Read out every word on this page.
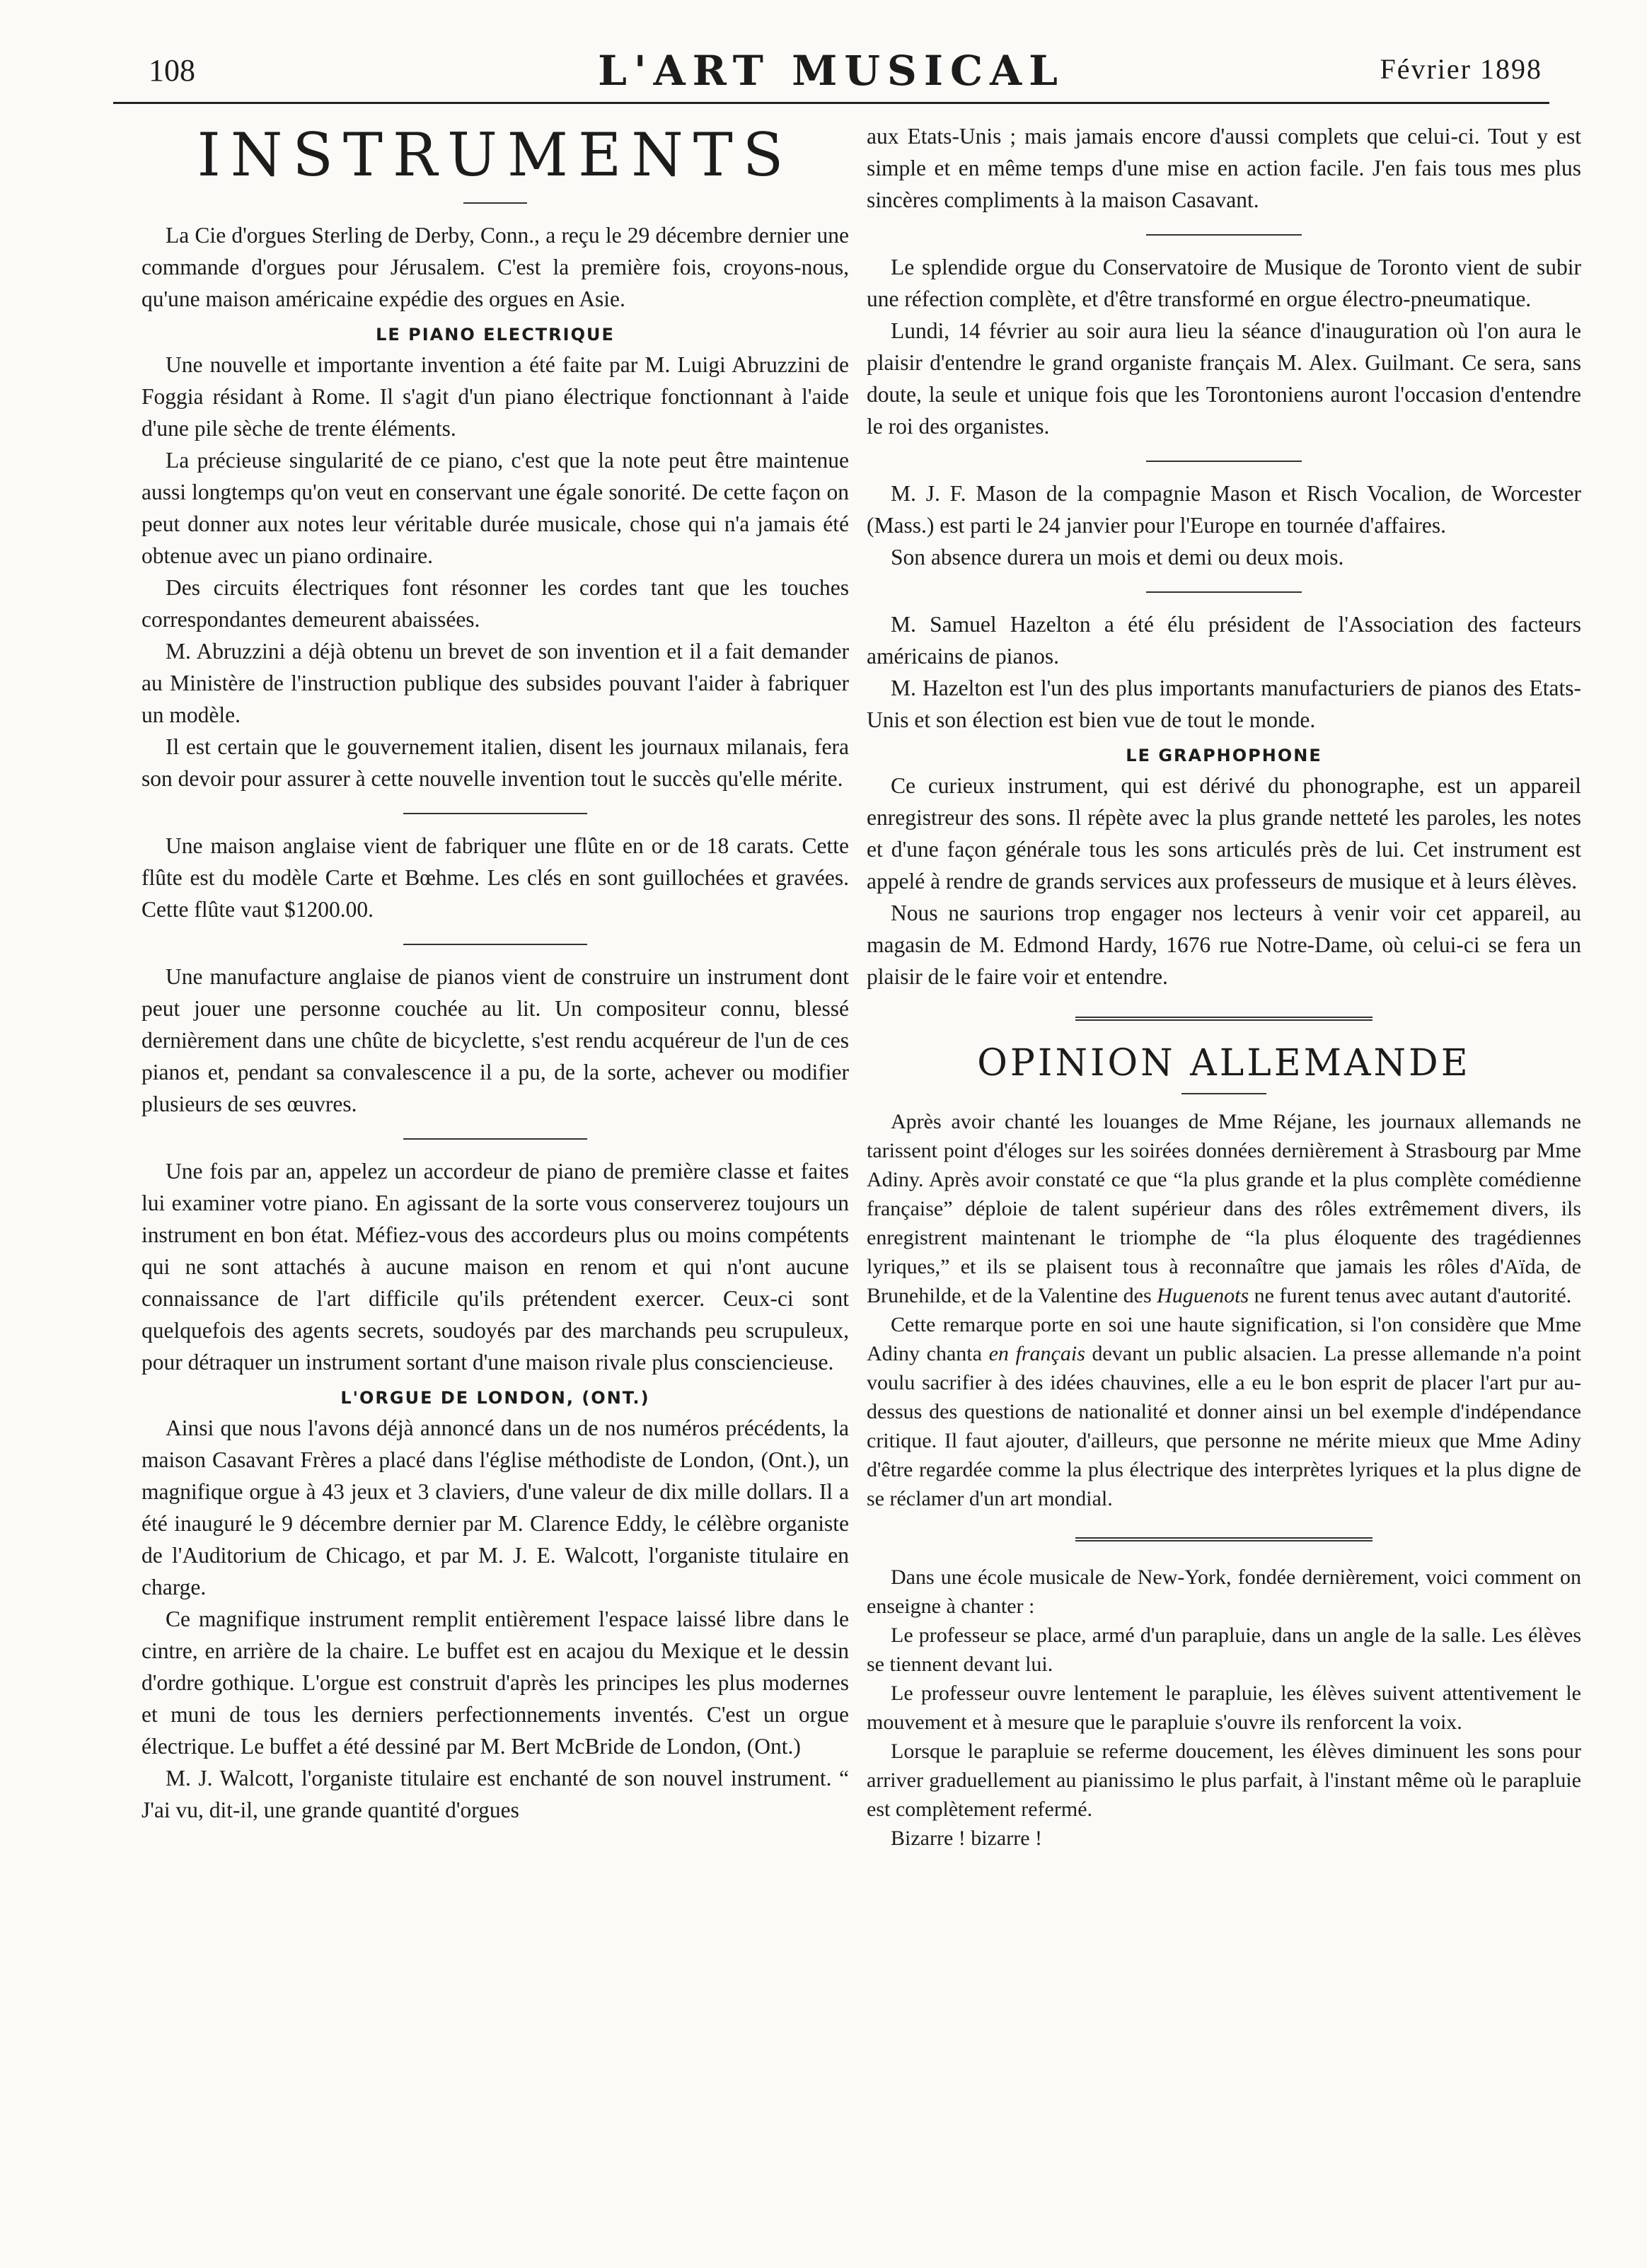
108	L'ART MUSICAL	Février 1898
INSTRUMENTS

La Cie d'orgues Sterling de Derby, Conn., a reçu le 29 décembre dernier une commande d'orgues pour Jérusalem. C'est la première fois, croyons-nous, qu'une maison américaine expédie des orgues en Asie.

LE PIANO ELECTRIQUE

Une nouvelle et importante invention a été faite par M. Luigi Abruzzini de Foggia résidant à Rome. Il s'agit d'un piano électrique fonctionnant à l'aide d'une pile sèche de trente éléments.

La précieuse singularité de ce piano, c'est que la note peut être maintenue aussi longtemps qu'on veut en conservant une égale sonorité. De cette façon on peut donner aux notes leur véritable durée musicale, chose qui n'a jamais été obtenue avec un piano ordinaire.

Des circuits électriques font résonner les cordes tant que les touches correspondantes demeurent abaissées.

M. Abruzzini a déjà obtenu un brevet de son invention et il a fait demander au Ministère de l'instruction publique des subsides pouvant l'aider à fabriquer un modèle.

Il est certain que le gouvernement italien, disent les journaux milanais, fera son devoir pour assurer à cette nouvelle invention tout le succès qu'elle mérite.

Une maison anglaise vient de fabriquer une flûte en or de 18 carats. Cette flûte est du modèle Carte et Bœhme. Les clés en sont guillochées et gravées. Cette flûte vaut $1200.00.

Une manufacture anglaise de pianos vient de construire un instrument dont peut jouer une personne couchée au lit. Un compositeur connu, blessé dernièrement dans une chûte de bicyclette, s'est rendu acquéreur de l'un de ces pianos et, pendant sa convalescence il a pu, de la sorte, achever ou modifier plusieurs de ses œuvres.

Une fois par an, appelez un accordeur de piano de première classe et faites lui examiner votre piano. En agissant de la sorte vous conserverez toujours un instrument en bon état. Méfiez-vous des accordeurs plus ou moins compétents qui ne sont attachés à aucune maison en renom et qui n'ont aucune connaissance de l'art difficile qu'ils prétendent exercer. Ceux-ci sont quelquefois des agents secrets, soudoyés par des marchands peu scrupuleux, pour détraquer un instrument sortant d'une maison rivale plus consciencieuse.

L'ORGUE DE LONDON, (ONT.)

Ainsi que nous l'avons déjà annoncé dans un de nos numéros précédents, la maison Casavant Frères a placé dans l'église méthodiste de London, (Ont.), un magnifique orgue à 43 jeux et 3 claviers, d'une valeur de dix mille dollars. Il a été inauguré le 9 décembre dernier par M. Clarence Eddy, le célèbre organiste de l'Auditorium de Chicago, et par M. J. E. Walcott, l'organiste titulaire en charge.

Ce magnifique instrument remplit entièrement l'espace laissé libre dans le cintre, en arrière de la chaire. Le buffet est en acajou du Mexique et le dessin d'ordre gothique. L'orgue est construit d'après les principes les plus modernes et muni de tous les derniers perfectionnements inventés. C'est un orgue électrique. Le buffet a été dessiné par M. Bert McBride de London, (Ont.)

M. J. Walcott, l'organiste titulaire est enchanté de son nouvel instrument. “ J'ai vu, dit-il, une grande quantité d'orgues

aux Etats-Unis ; mais jamais encore d'aussi complets que celui-ci. Tout y est simple et en même temps d'une mise en action facile. J'en fais tous mes plus sincères compliments à la maison Casavant.

Le splendide orgue du Conservatoire de Musique de Toronto vient de subir une réfection complète, et d'être transformé en orgue électro-pneumatique.

Lundi, 14 février au soir aura lieu la séance d'inauguration où l'on aura le plaisir d'entendre le grand organiste français M. Alex. Guilmant. Ce sera, sans doute, la seule et unique fois que les Torontoniens auront l'occasion d'entendre le roi des organistes.

M. J. F. Mason de la compagnie Mason et Risch Vocalion, de Worcester (Mass.) est parti le 24 janvier pour l'Europe en tournée d'affaires.

Son absence durera un mois et demi ou deux mois.

M. Samuel Hazelton a été élu président de l'Association des facteurs américains de pianos.

M. Hazelton est l'un des plus importants manufacturiers de pianos des Etats-Unis et son élection est bien vue de tout le monde.

LE GRAPHOPHONE

Ce curieux instrument, qui est dérivé du phonographe, est un appareil enregistreur des sons. Il répète avec la plus grande netteté les paroles, les notes et d'une façon générale tous les sons articulés près de lui. Cet instrument est appelé à rendre de grands services aux professeurs de musique et à leurs élèves.

Nous ne saurions trop engager nos lecteurs à venir voir cet appareil, au magasin de M. Edmond Hardy, 1676 rue Notre-Dame, où celui-ci se fera un plaisir de le faire voir et entendre.

OPINION ALLEMANDE

Après avoir chanté les louanges de Mme Réjane, les journaux allemands ne tarissent point d'éloges sur les soirées données dernièrement à Strasbourg par Mme Adiny. Après avoir constaté ce que “la plus grande et la plus complète comédienne française” déploie de talent supérieur dans des rôles extrêmement divers, ils enregistrent maintenant le triomphe de “la plus éloquente des tragédiennes lyriques,” et ils se plaisent tous à reconnaître que jamais les rôles d'Aïda, de Brunehilde, et de la Valentine des Huguenots ne furent tenus avec autant d'autorité.

Cette remarque porte en soi une haute signification, si l'on considère que Mme Adiny chanta en français devant un public alsacien. La presse allemande n'a point voulu sacrifier à des idées chauvines, elle a eu le bon esprit de placer l'art pur au-dessus des questions de nationalité et donner ainsi un bel exemple d'indépendance critique. Il faut ajouter, d'ailleurs, que personne ne mérite mieux que Mme Adiny d'être regardée comme la plus électrique des interprètes lyriques et la plus digne de se réclamer d'un art mondial.

Dans une école musicale de New-York, fondée dernièrement, voici comment on enseigne à chanter :

Le professeur se place, armé d'un parapluie, dans un angle de la salle. Les élèves se tiennent devant lui.

Le professeur ouvre lentement le parapluie, les élèves suivent attentivement le mouvement et à mesure que le parapluie s'ouvre ils renforcent la voix.

Lorsque le parapluie se referme doucement, les élèves diminuent les sons pour arriver graduellement au pianissimo le plus parfait, à l'instant même où le parapluie est complètement refermé.

Bizarre ! bizarre !
